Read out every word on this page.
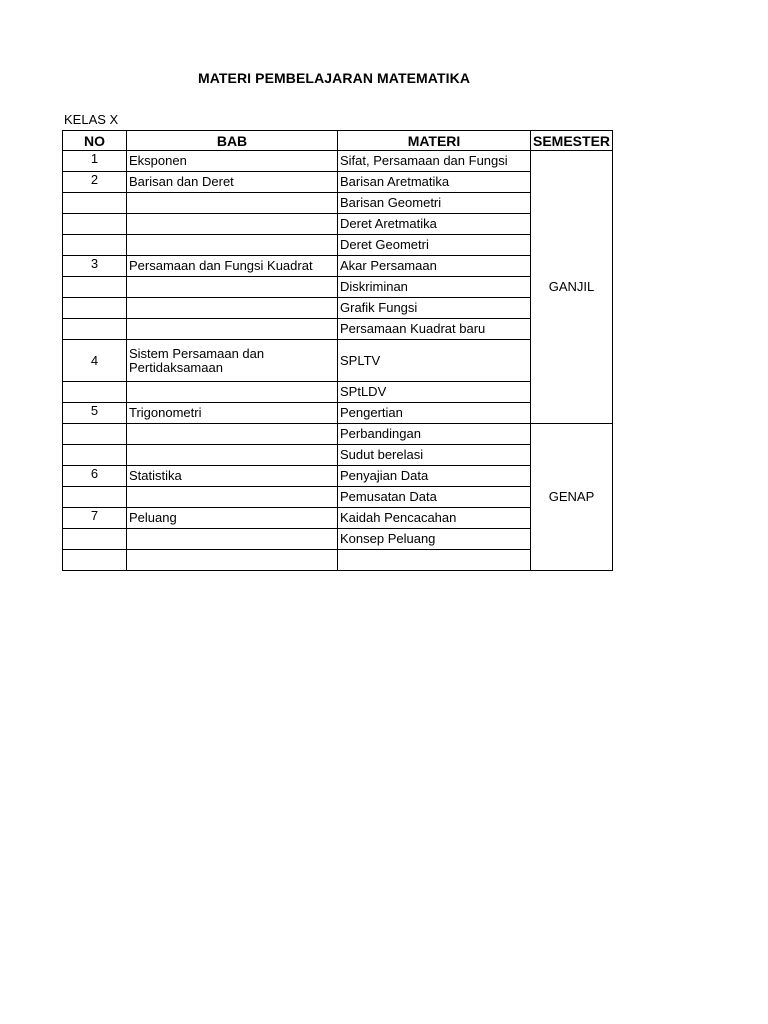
MATERI PEMBELAJARAN MATEMATIKA
KELAS X
NO	BAB	MATERI	SEMESTER
1	Eksponen	Sifat, Persamaan dan Fungsi	GANJIL
2	Barisan dan Deret	Barisan Aretmatika	
		Barisan Geometri	
		Deret Aretmatika	
		Deret Geometri	
3	Persamaan dan Fungsi Kuadrat	Akar Persamaan	
		Diskriminan	
		Grafik Fungsi	
		Persamaan Kuadrat baru	
4	Sistem Persamaan dan Pertidaksamaan	SPLTV	
		SPtLDV	
5	Trigonometri	Pengertian	
		Perbandingan	GENAP
		Sudut berelasi	
6	Statistika	Penyajian Data	
		Pemusatan Data	
7	Peluang	Kaidah Pencacahan	
		Konsep Peluang	
